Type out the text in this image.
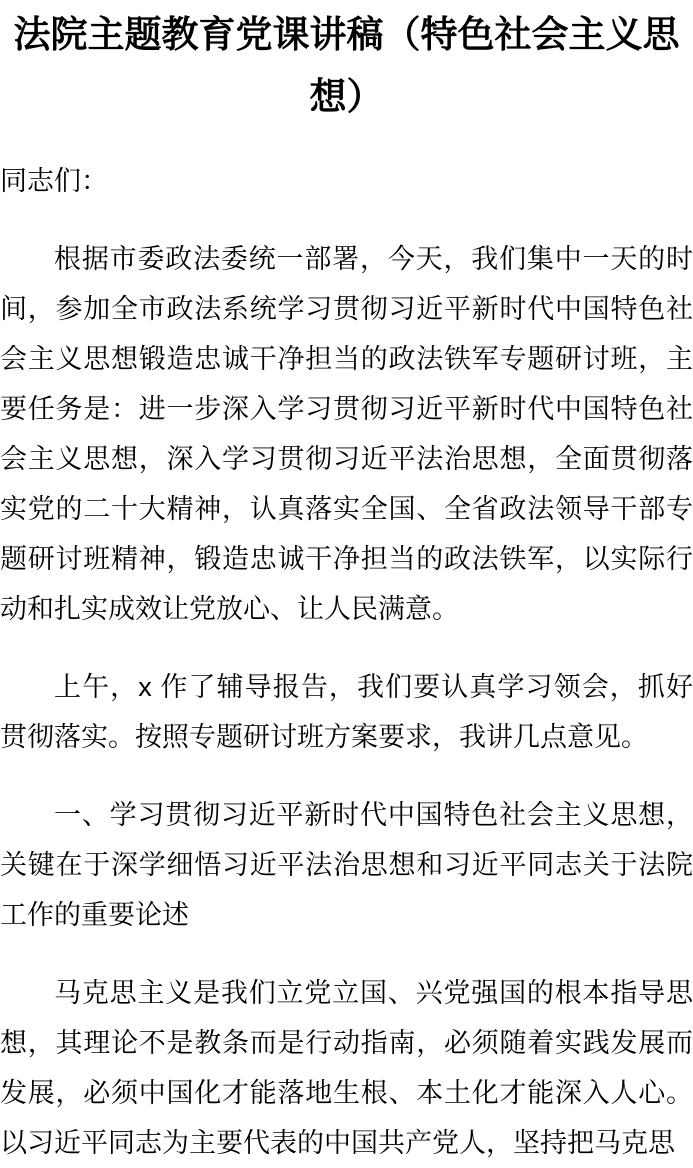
法院主题教育党课讲稿（特色社会主义思想）

同志们：

根据市委政法委统一部署，今天，我们集中一天的时间，参加全市政法系统学习贯彻习近平新时代中国特色社会主义思想锻造忠诚干净担当的政法铁军专题研讨班，主要任务是：进一步深入学习贯彻习近平新时代中国特色社会主义思想，深入学习贯彻习近平法治思想，全面贯彻落实党的二十大精神，认真落实全国、全省政法领导干部专题研讨班精神，锻造忠诚干净担当的政法铁军，以实际行动和扎实成效让党放心、让人民满意。

上午，x 作了辅导报告，我们要认真学习领会，抓好贯彻落实。按照专题研讨班方案要求，我讲几点意见。

一、学习贯彻习近平新时代中国特色社会主义思想，关键在于深学细悟习近平法治思想和习近平同志关于法院工作的重要论述

马克思主义是我们立党立国、兴党强国的根本指导思想，其理论不是教条而是行动指南，必须随着实践发展而发展，必须中国化才能落地生根、本土化才能深入人心。以习近平同志为主要代表的中国共产党人，坚持把马克思
